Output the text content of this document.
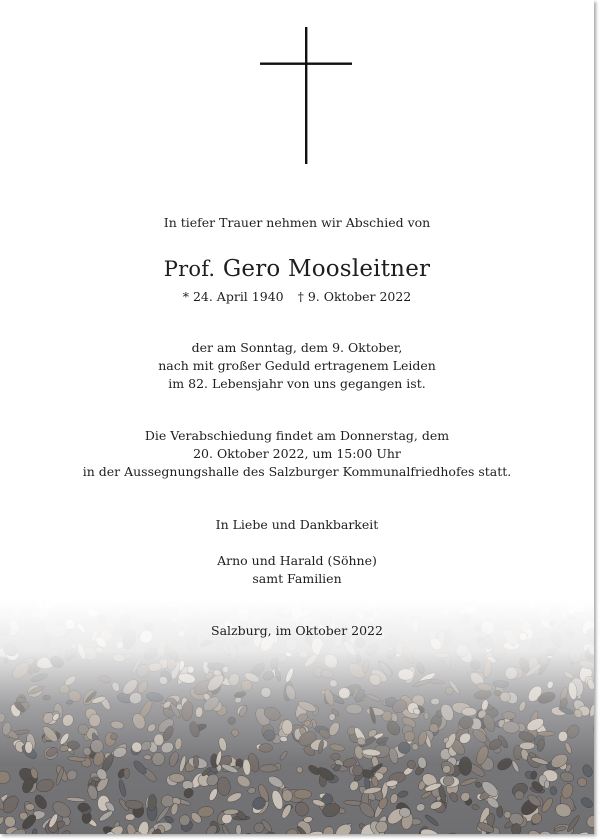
In tiefer Trauer nehmen wir Abschied von
Prof. Gero Moosleitner
* 24. April 1940 † 9. Oktober 2022
der am Sonntag, dem 9. Oktober,
nach mit großer Geduld ertragenem Leiden
im 82. Lebensjahr von uns gegangen ist.
Die Verabschiedung findet am Donnerstag, dem
20. Oktober 2022, um 15:00 Uhr
in der Aussegnungshalle des Salzburger Kommunalfriedhofes statt.
In Liebe und Dankbarkeit
Arno und Harald (Söhne)
samt Familien
Salzburg, im Oktober 2022
